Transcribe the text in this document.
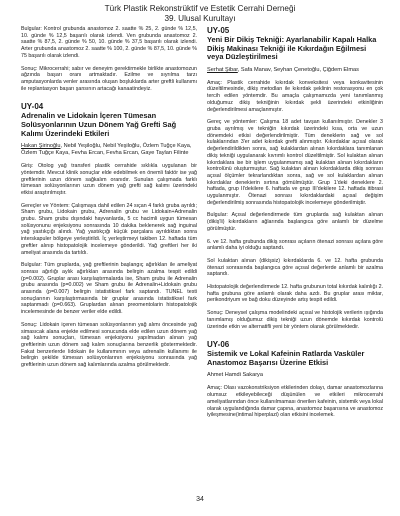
Türk Plastik Rekonstrüktif ve Estetik Cerrahi Derneği
39. Ulusal Kurultayı

Bulgular: Kontrol grubunda anastomoz 2. saatte % 25, 2. günde % 12,5, 10. günde % 12,5 başarılı olarak izlendi. Ven grubunda anastomoz 2. saatte % 87,5, 2. günde % 50, 10. günde % 37,5 başarılı olarak izlendi. Arter grubunda anastomoz 2. saatte % 100, 2. günde % 87,5, 10. günde % 75 başarılı olarak izlendi.

Sonuç: Mikrocerrahi; sabır ve deneyim gerektirmekle birlikte anastomozun ağzında başarı oranı artmaktadır. Ezilme ve sıyrılma tarzı amputasyonlarda venler arasında oluşan boşluklarda arter greftli kullanımı ile replantasyon başarı şansının artacağı kanaatindeyiz.

UY-04
Adrenalin ve Lidokain İçeren Tümesan Solüsyonlarının Uzun Dönem Yağ Grefti Sağ Kalımı Üzerindeki Etkileri
Hakan Şirinoğlu, Nebil Yeşiloğlu, Nebil Yeşiloğlu, Özlem Tuğçe Kaya, Özlem Tuğçe Kaya, Fevha Ercan, Fevha Ercan, Gaye Taylan Filinte

Giriş: Otolog yağ transferi plastik cerrahide sıklıkla uygulanan bir yöntemdir. Mevcut klinik sonuçlar elde edebilmek en önemli faktör ise yağ greftlerinin uzun dönem sağkalım oranıdır. Sunulan çalışmada farklı tümesan solüsyonlarının uzun dönem yağ grefti sağ kalımı üzerindeki etkisi araştırılmıştır.

Gereçler ve Yöntem: Çalışmaya dahil edilen 24 sıçan 4 farklı gruba ayrıldı; Sham grubu, Lidokain grubu, Adrenalin grubu ve Lidokain+Adrenalin grubu. Sham grubu dışındaki hayvanlarda, 5 cc hacimli uygun tümesan solüsyonunu enjeksiyonu sonrasında 10 dakika beklenerek sağ inguinal yağ yastıkçığı alındı. Yağ yastıkçığı küçük parçalara ayrıldıktan sonra interskapuler bölgeye yerleştirildi. İç yerleştirmeyi takiben 12. haftada tüm greftler alınıp histopatolojik incelemeye gönderildi. Yağ greftleri her iki ameliyat arasında da tartıldı.

Bulgular: Tüm gruplarda, yağ greftlerinin başlangıç ağırlıkları ile ameliyat sonrası ağırlığı aylık ağırlıkları arasında belirgin azalma tespit edildi (p=0.002). Gruplar arası karşılaştırmalarda ise, Sham grubu ile Adrenalin grubu arasında (p=0.002) ve Sham grubu ile Adrenalin+Lidokain grubu arasında (p=0.007) belirgin istatistiksel fark saptandı. TUNEL testi sonuçlarının karşılaştırmasında bir gruplar arasında istatistiksel fark saptanmadı (p=0.663). Gruplardan alınan preomentolarin histopatolojik incelemesinde de benzer veriler elde edildi.

Sonuç: Lidokain içeren tümesan solüsyonlarının yağ alımı öncesinde yağ simasıcak alana enjekte edilmesi sonucunda elde edilen uzun dönem yağ sağ kalımı sonuçları, tümesan enjeksiyonu yapılmadan alınan yağ greftlerinin uzun dönem sağ kalım sonuçlarına benzerlik göstermektedir. Fakat benzerlerde lidokain ile kullanımının veya adrenalin kullanımı ile belirgin şekilde tümesan solüsyonlarının enjeksiyonu sonrasında yağ greftlerinin uzun dönem sağ kalımlarında azalma görülmektedir.

UY-05
Yeni Bir Dikiş Tekniği: Ayarlanabilir Kapalı Halka Dikiş Makinası Tekniği ile Kıkırdağın Eğilmesi veya Düzleştirilmesi
Serhat Şibar, Safa Manav, Seyhan Çenetoğlu, Çiğdem Elmas

Amaç: Plastik cerrahide kıkırdak konveksitesi veya konkavitesinin düzeltilmesinde, dikiş metodları ile kıkırdak şeklinin restorasyonu en çok tercih edilen yöntemdir. Bu amaçla çalışmamızda yeni tanımlanmış olduğumuz dikiş tekniğinin kıkırdak şekli üzerindeki etkinliğinin değerlendirilmesi amaçlanmıştır.

Gereç ve yöntemler: Çalışma 18 adet tavşan kullanılmıştır. Denekler 3 gruba ayrılmış ve tekniğin kıkırdak üzerindeki kısa, orta ve uzun dönemdeki etkisi değerlendirilmiştir. Tüm deneklerin sağ ve sol kulaklarından 3'er adet kıkırdak grefti alınmıştır. Kıkırdaklar açısal olarak değerlendirildikten sonra, sağ kulaklardan alınan kıkırdaklara tanımlanan dikiş tekniği uygulanarak kıvrımlı kontrol düzeltilmiştir. Sol kulaktan alınan kıkırdaklara ise bir işlem uygulanmamış sağ kulaktan alınan kıkırdakların kontrolünü oluşturmuştur. Sağ kulaktan alınan kıkırdaklarda dikiş sonrası açısal ölçümler tekrarlandıktan sonra, sağ ve sol kulaklardan alınan kıkırdaklar denekierin sırtına gömülmüştür. Grup 1'deki deneklere 2. haftada, grup II'dekilere 6. haftada ve grup III'dekilere 12. haftada itibrasi uygulanmıştır. Ötenazi sonrası kıkırdaklardaki açısal değişim değerlendirilmiş sonrasında histopatolojik incelemeye gönderilmiştir.

Bulgular: Açısal değerlendirmede tüm gruplarda sağ kulaktan alınan (dikiş'li) kıkırdakların ağlarında başlangıca göre anlamlı bir düzelme görülmüştür.

6. ve 12. hafta grubunda dikiş sonrası açıların ötenazi sonrası açılara göre anlamlı daha iyi olduğu saptandı.

Sol kulaktan alınan (dikişsiz) kıkırdaklarda 6. ve 12. hafta grubunda ötenazi sonrasında başlangıca göre açısal değerlerde anlamlı bir azalma saptandı.

Histopatolojik değerlendirmede 12. hafta grubunun total kıkırdak kalınlığı 2. hafta grubuna göre anlamlı olarak daha azdı. Bu gruplar arası miktar, perikondriyum ve bağ doku düzeyinde artış tespit edildi.

Sonuç: Deneysel çalışma modelindeki açısal ve histolojik verilerin ışığında tanımlamış olduğumuz dikiş tekniği uzun dönemde kıkırdak kontrolü üzerinde etkin ve alternatifli yeni bir yöntem olarak görülmektedir.

UY-06
Sistemik ve Lokal Kafeinin Ratlarda Vasküler Anastomoz Başarısı Üzerine Etkisi
Ahmet Hamdi Sakarya

Amaç: Olası vazokonstriksiyon etkilerinden dolayı, damar anastomozlarına olumsuz etkileyebileceği düşünülen ve etkileri mikrocerrahi ameliyatlarından önce kullanılmaması önerilen kafeinin, sistemik veya lokal olarak uygulandığında damar çapına, anastomoz başarısına ve anastomoz iyileşmesine(intimal hiperplazi) olan etkisini incelemek.

34
